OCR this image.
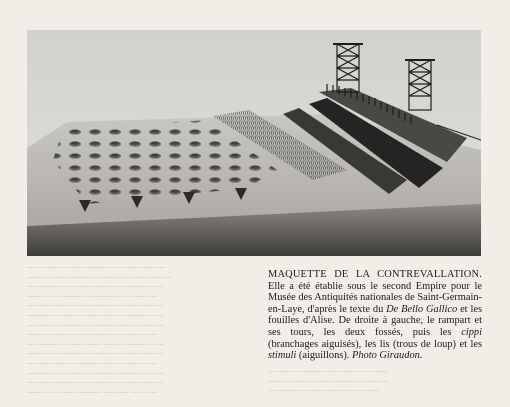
— — —— — — ——— — — —— —— —
—— — —— ——— — —— — —— —— —
— ——— — — —— —— — ——— — —
—— — — ——— — —— — — —— —
— —— —— — — ——— — —— —— —
——— — —— — —— — — ——— — —
— —— — ——— — —— —— — —— —
—— — —— — — ——— — —— — —
— ——— — —— —— — — ——— — —
—— — — ——— — —— — —— —— —
— —— —— — ——— — — —— — —
——— — — —— — —— ——— — — —
— —— ——— — — —— — —— —— —
—— — — —— ——— — —— — — —
— —— — ——— — —— — — ——
—— — —— — — ——— — —— —
— ——— — —— —— — — ——
MAQUETTE DE LA CONTREVALLATION. Elle a été établie sous le second Empire pour le Musée des Antiquités nationales de Saint-Germain-en-Laye, d'après le texte du De Bello Gallico et les fouilles d'Alise. De droite à gauche, le rampart et ses tours, les deux fossés, puis les cippi (branchages aiguisés), les lis (trous de loup) et les stimuli (aiguillons). Photo Giraudon.
